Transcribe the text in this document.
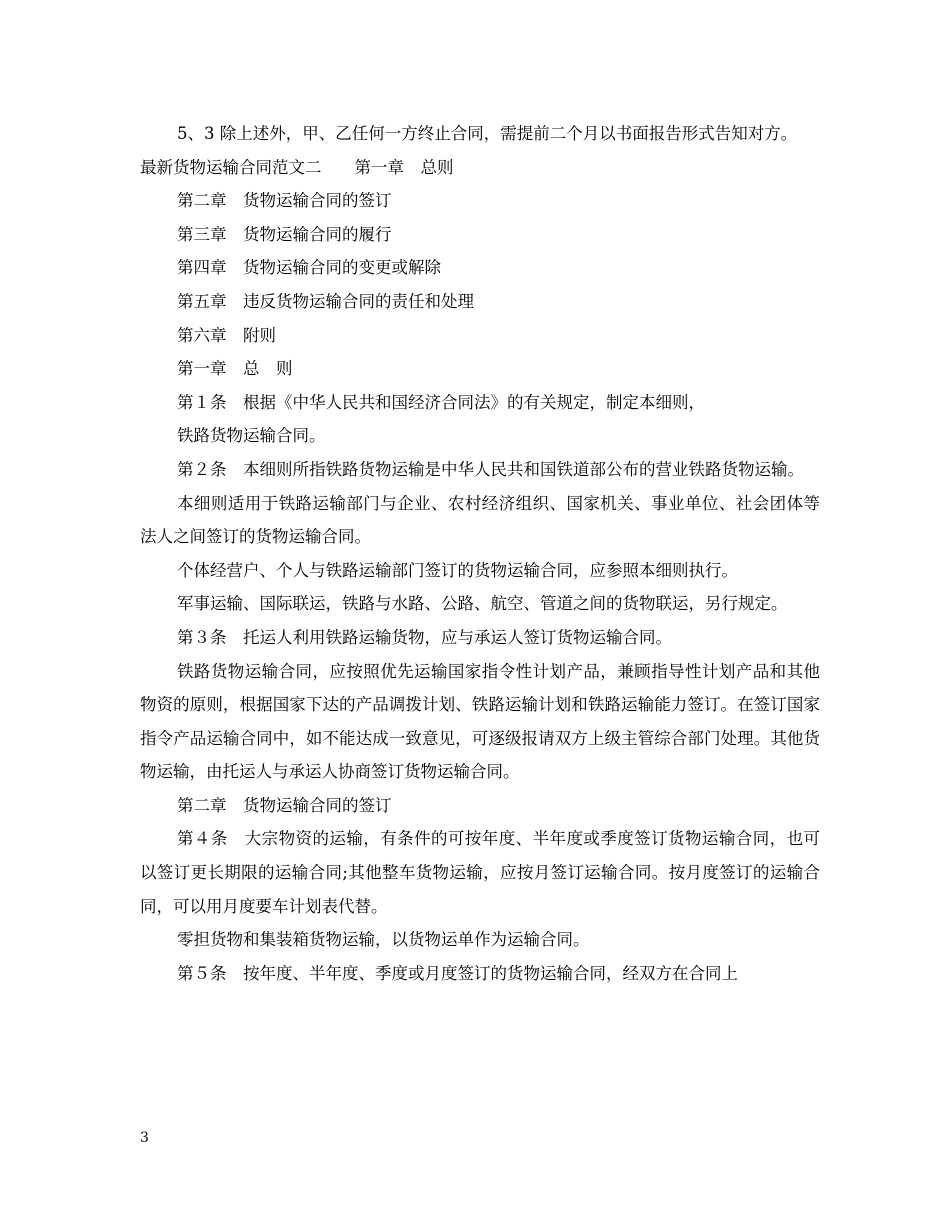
5、3 除上述外，甲、乙任何一方终止合同，需提前二个月以书面报告形式告知对方。

最新货物运输合同范文二　　第一章　总则

第二章　货物运输合同的签订

第三章　货物运输合同的履行

第四章　货物运输合同的变更或解除

第五章　违反货物运输合同的责任和处理

第六章　附则

第一章　总　则

第１条　根据《中华人民共和国经济合同法》的有关规定，制定本细则，

铁路货物运输合同。

第２条　本细则所指铁路货物运输是中华人民共和国铁道部公布的营业铁路货物运输。

本细则适用于铁路运输部门与企业、农村经济组织、国家机关、事业单位、社会团体等法人之间签订的货物运输合同。

个体经营户、个人与铁路运输部门签订的货物运输合同，应参照本细则执行。

军事运输、国际联运，铁路与水路、公路、航空、管道之间的货物联运，另行规定。

第３条　托运人利用铁路运输货物，应与承运人签订货物运输合同。

铁路货物运输合同，应按照优先运输国家指令性计划产品，兼顾指导性计划产品和其他物资的原则，根据国家下达的产品调拨计划、铁路运输计划和铁路运输能力签订。在签订国家指令产品运输合同中，如不能达成一致意见，可逐级报请双方上级主管综合部门处理。其他货物运输，由托运人与承运人协商签订货物运输合同。

第二章　货物运输合同的签订

第４条　大宗物资的运输，有条件的可按年度、半年度或季度签订货物运输合同，也可以签订更长期限的运输合同;其他整车货物运输，应按月签订运输合同。按月度签订的运输合同，可以用月度要车计划表代替。

零担货物和集装箱货物运输，以货物运单作为运输合同。

第５条　按年度、半年度、季度或月度签订的货物运输合同，经双方在合同上

3
